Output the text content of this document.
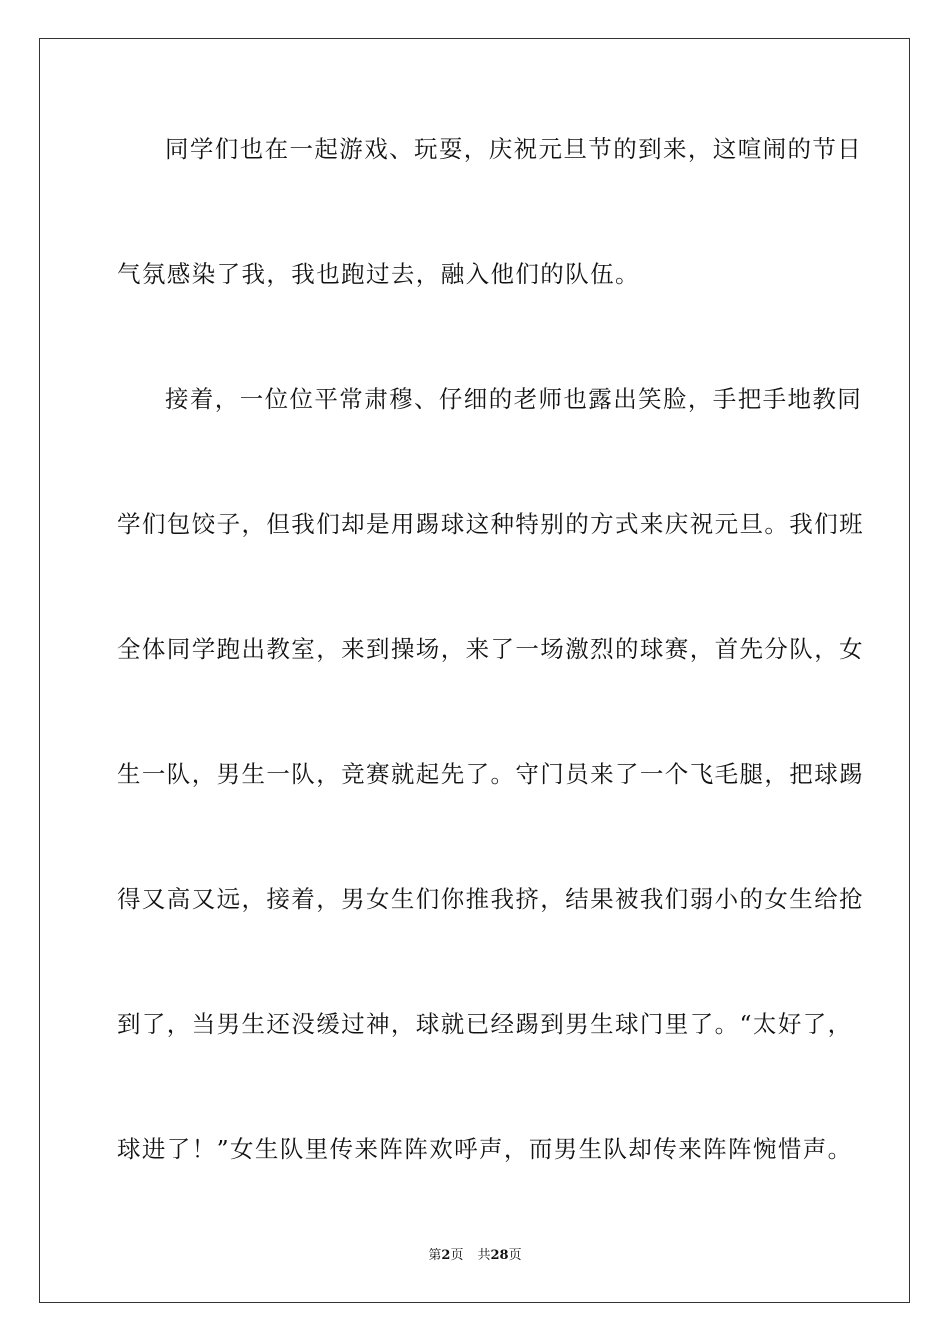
同学们也在一起游戏、玩耍，庆祝元旦节的到来，这喧闹的节日
气氛感染了我，我也跑过去，融入他们的队伍。
接着，一位位平常肃穆、仔细的老师也露出笑脸，手把手地教同
学们包饺子，但我们却是用踢球这种特别的方式来庆祝元旦。我们班
全体同学跑出教室，来到操场，来了一场激烈的球赛，首先分队，女
生一队，男生一队，竞赛就起先了。守门员来了一个飞毛腿，把球踢
得又高又远，接着，男女生们你推我挤，结果被我们弱小的女生给抢
到了，当男生还没缓过神，球就已经踢到男生球门里了。“太好了，
球进了！”女生队里传来阵阵欢呼声，而男生队却传来阵阵惋惜声。
第2页 共28页
